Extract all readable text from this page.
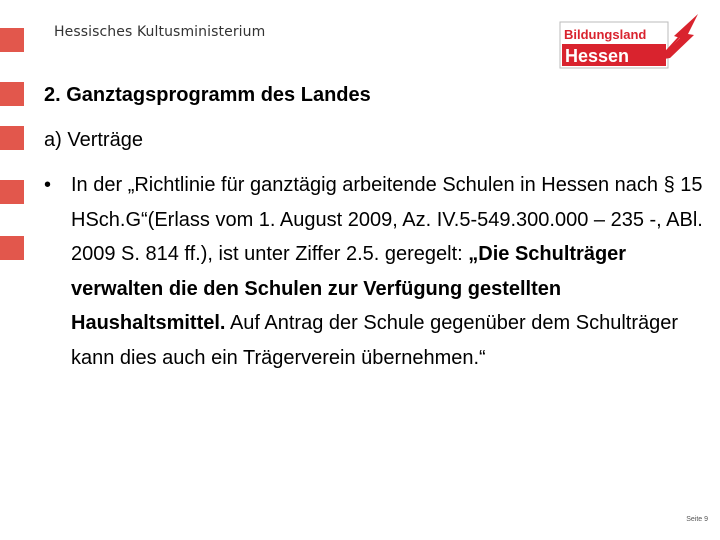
Hessisches Kultusministerium	Bildungsland
Hessen
2. Ganztagsprogramm des Landes
a) Verträge
• In der „Richtlinie für ganztägig arbeitende Schulen in Hessen nach § 15 HSch.G“(Erlass vom 1. August 2009, Az. IV.5-549.300.000 – 235 -, ABl. 2009 S. 814 ff.), ist unter Ziffer 2.5. geregelt: „Die Schulträger verwalten die den Schulen zur Verfügung gestellten Haushaltsmittel. Auf Antrag der Schule gegenüber dem Schulträger kann dies auch ein Trägerverein übernehmen.“
Seite 9
